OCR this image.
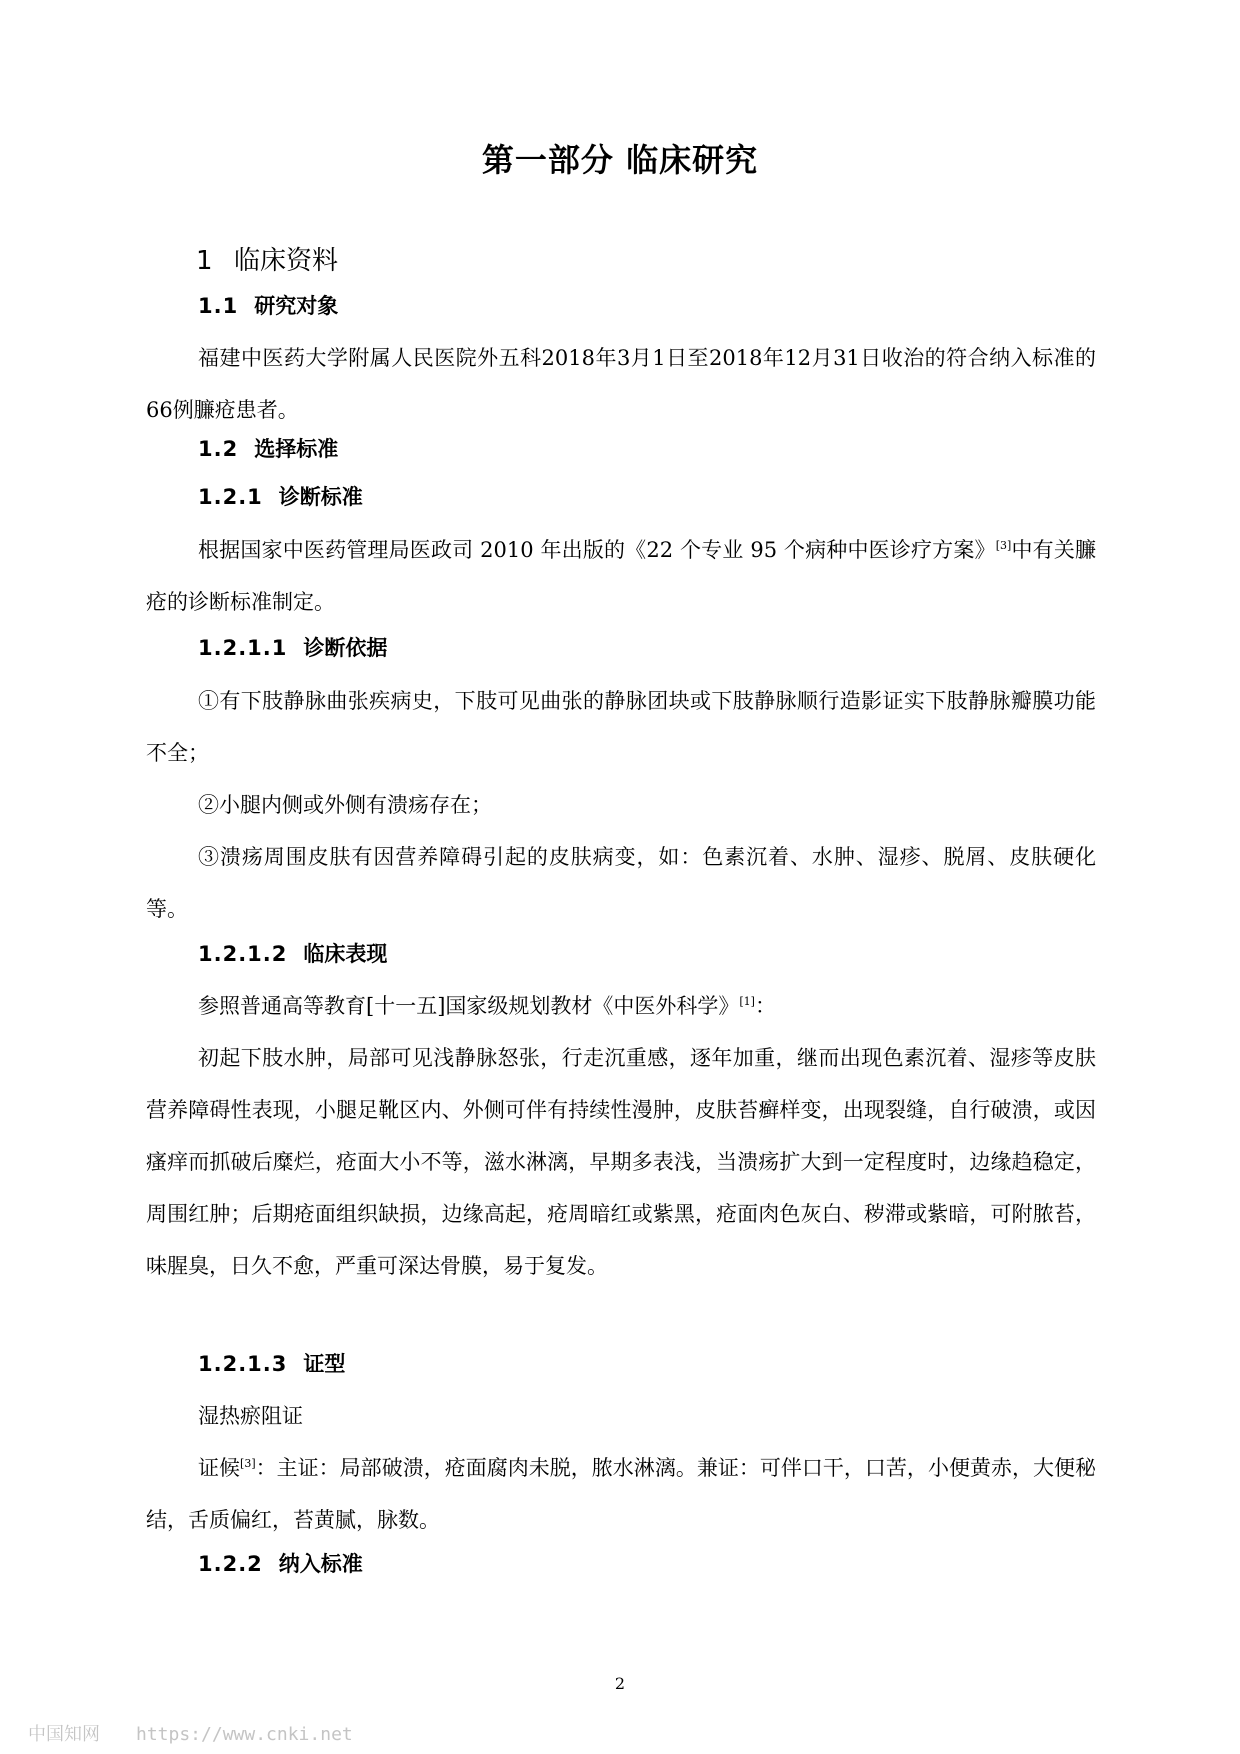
第一部分 临床研究
1 临床资料
1.1 研究对象
福建中医药大学附属人民医院外五科2018年3月1日至2018年12月31日收治的符合纳入标准的66例臁疮患者。
1.2 选择标准
1.2.1 诊断标准
根据国家中医药管理局医政司 2010 年出版的《22 个专业 95 个病种中医诊疗方案》[3]中有关臁疮的诊断标准制定。
1.2.1.1 诊断依据
①有下肢静脉曲张疾病史，下肢可见曲张的静脉团块或下肢静脉顺行造影证实下肢静脉瓣膜功能不全；
②小腿内侧或外侧有溃疡存在；
③溃疡周围皮肤有因营养障碍引起的皮肤病变，如：色素沉着、水肿、湿疹、脱屑、皮肤硬化等。
1.2.1.2 临床表现
参照普通高等教育[十一五]国家级规划教材《中医外科学》[1]：
初起下肢水肿，局部可见浅静脉怒张，行走沉重感，逐年加重，继而出现色素沉着、湿疹等皮肤营养障碍性表现，小腿足靴区内、外侧可伴有持续性漫肿，皮肤苔癣样变，出现裂缝，自行破溃，或因瘙痒而抓破后糜烂，疮面大小不等，滋水淋漓，早期多表浅，当溃疡扩大到一定程度时，边缘趋稳定，周围红肿；后期疮面组织缺损，边缘高起，疮周暗红或紫黑，疮面肉色灰白、秽滞或紫暗，可附脓苔，味腥臭，日久不愈，严重可深达骨膜，易于复发。
1.2.1.3 证型
湿热瘀阻证
证候[3]：主证：局部破溃，疮面腐肉未脱，脓水淋漓。兼证：可伴口干，口苦，小便黄赤，大便秘结，舌质偏红，苔黄腻，脉数。
1.2.2 纳入标准
2
中国知网 https://www.cnki.net
